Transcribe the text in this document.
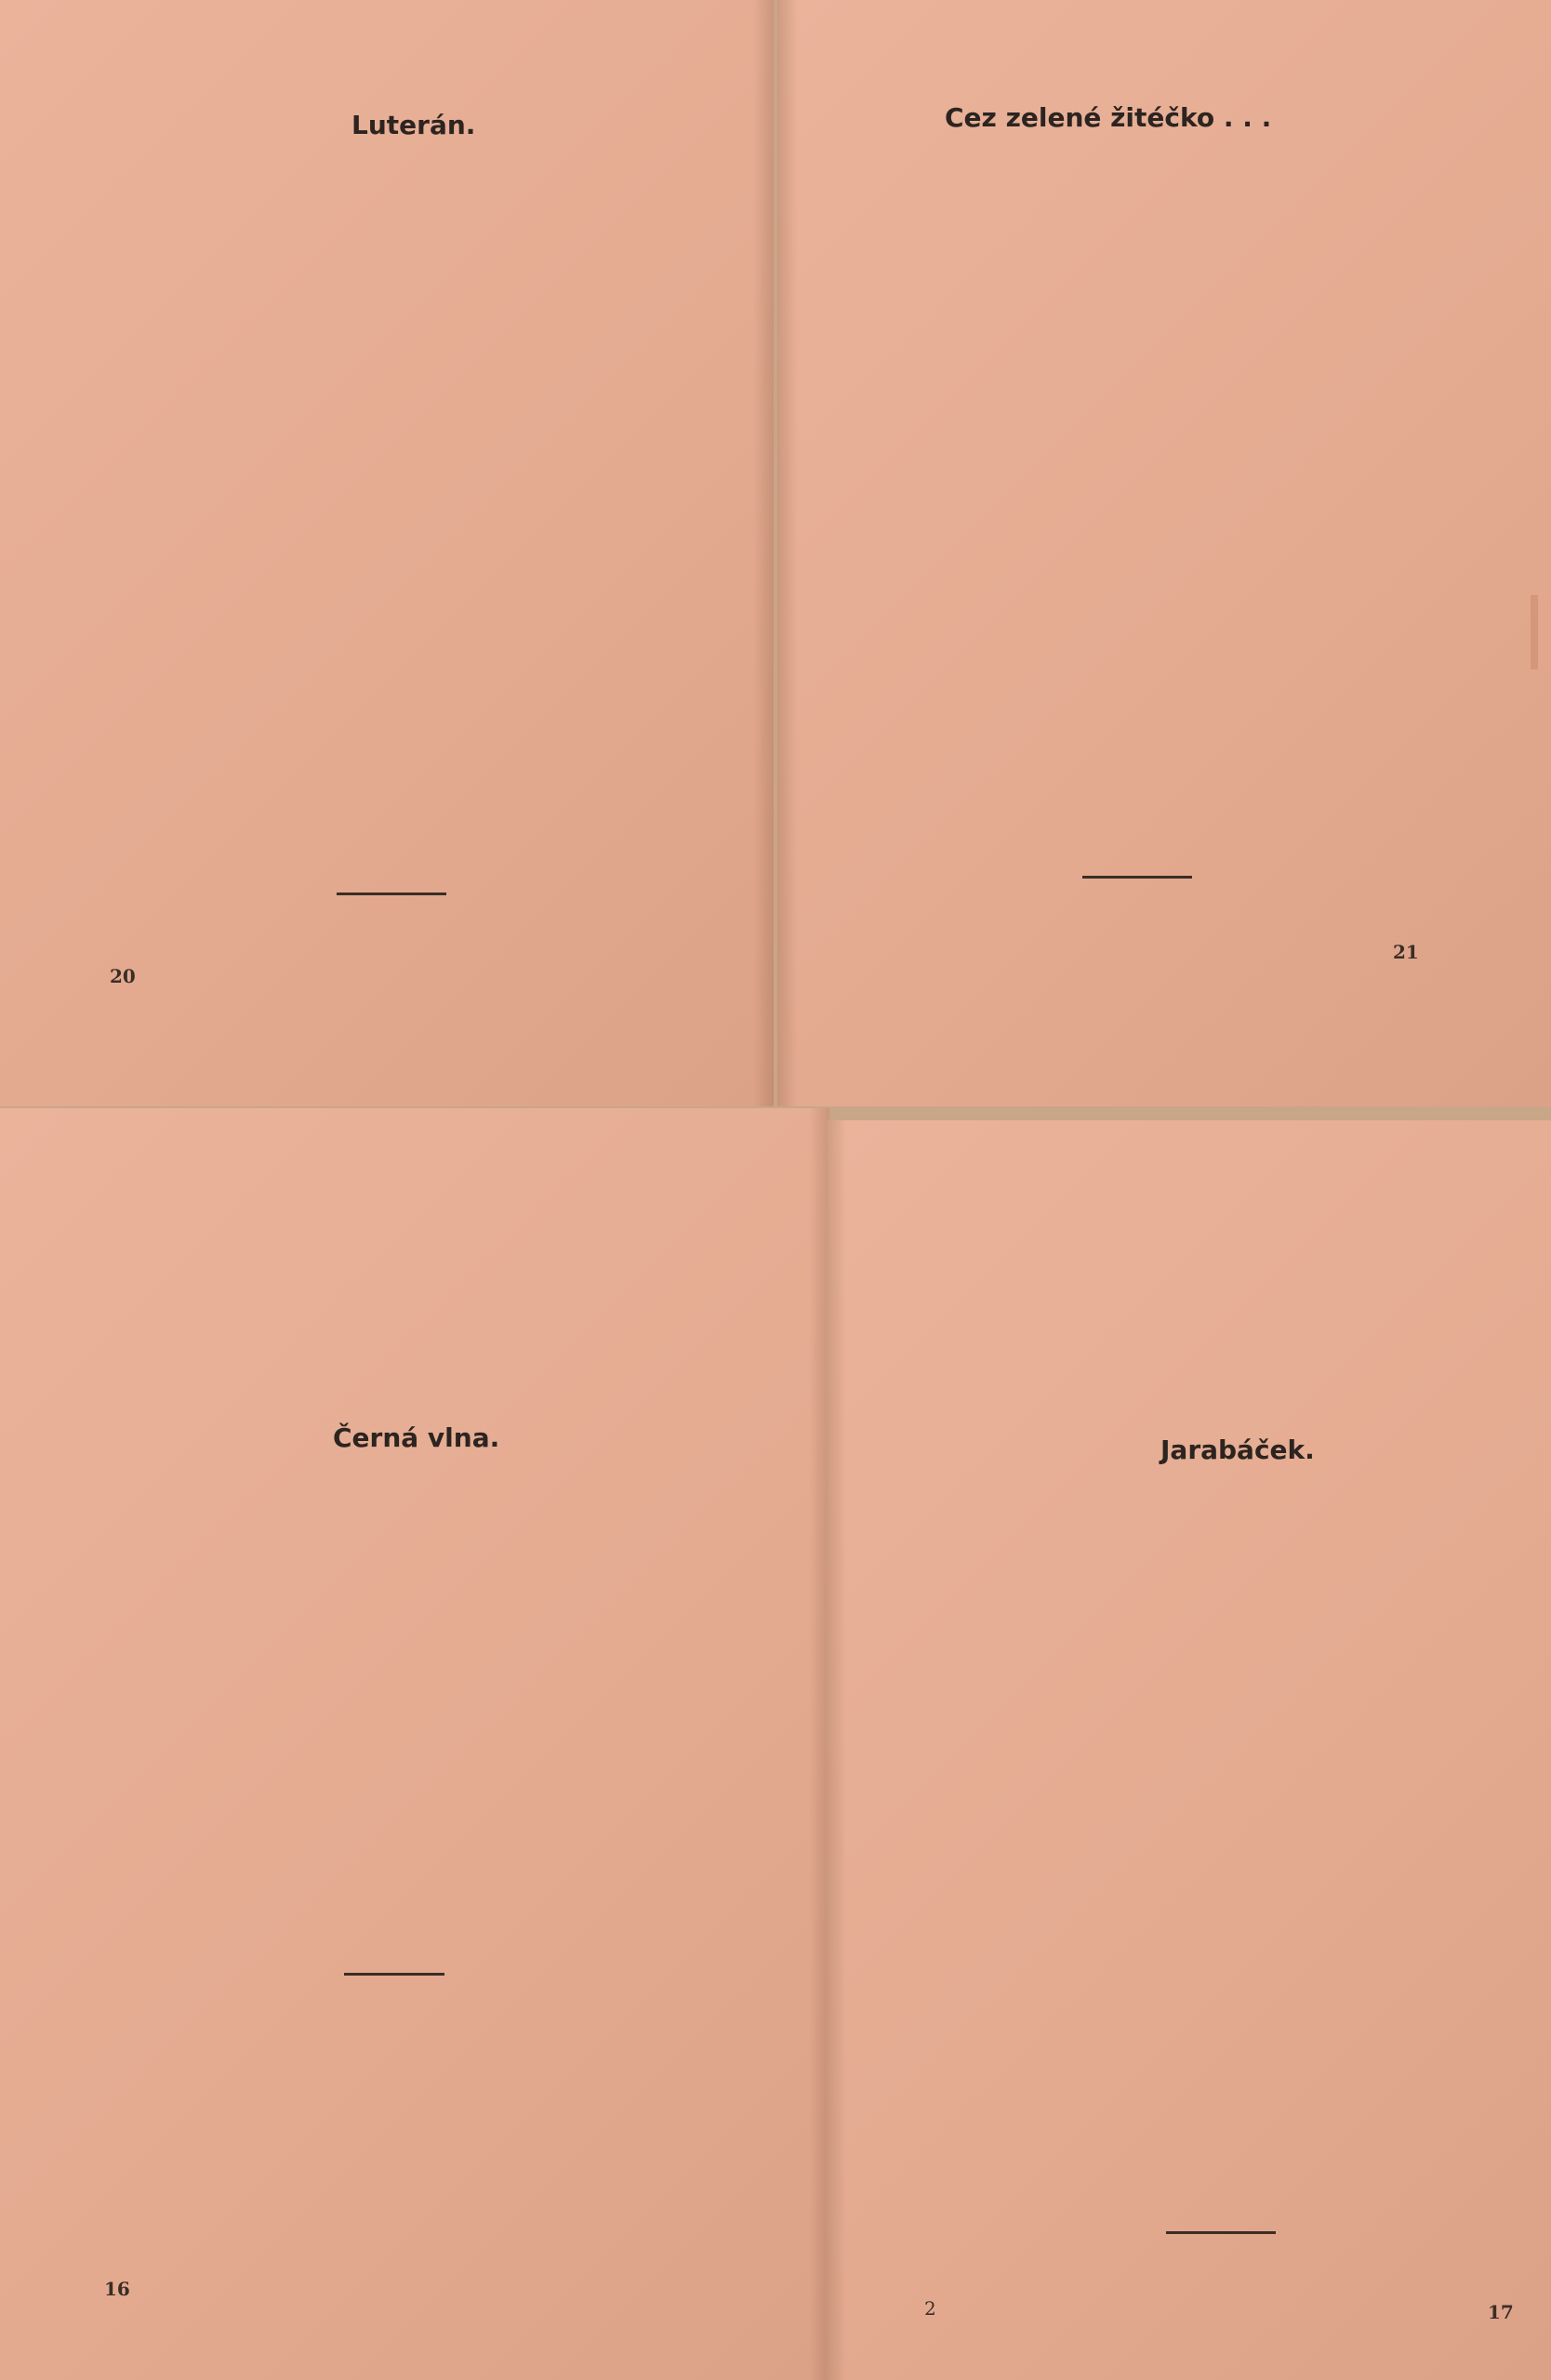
Luterán.

20
Cez zelené žitéčko . . .

21
Černá vlna.

16
Jarabáček.

2	17
